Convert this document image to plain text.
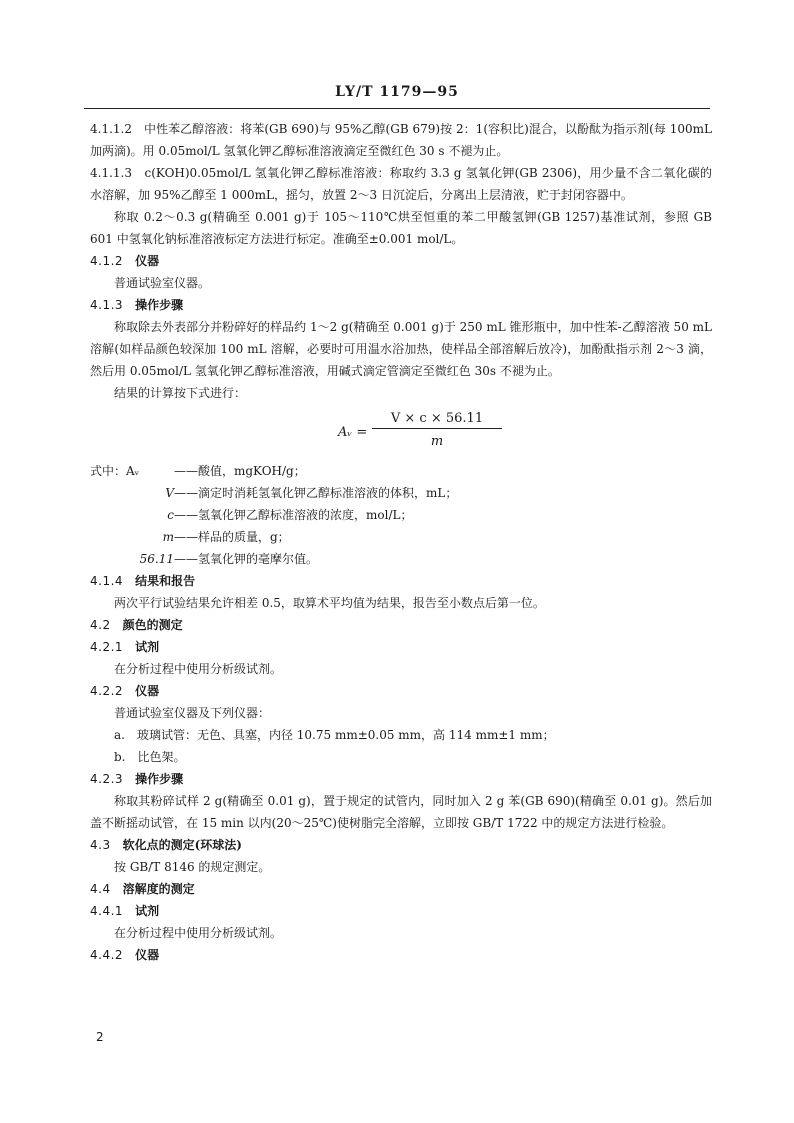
LY/T 1179—95

4.1.1.2　中性苯乙醇溶液：将苯(GB 690)与 95%乙醇(GB 679)按 2：1(容积比)混合，以酚酞为指示剂(每 100mL 加两滴)。用 0.05mol/L 氢氧化钾乙醇标准溶液滴定至微红色 30 s 不褪为止。

4.1.1.3　c(KOH)0.05mol/L 氢氧化钾乙醇标准溶液：称取约 3.3 g 氢氧化钾(GB 2306)，用少量不含二氧化碳的水溶解，加 95%乙醇至 1 000mL，摇匀，放置 2～3 日沉淀后，分离出上层清液，贮于封闭容器中。

称取 0.2～0.3 g(精确至 0.001 g)于 105～110℃烘至恒重的苯二甲酸氢钾(GB 1257)基准试剂，参照 GB 601 中氢氧化钠标准溶液标定方法进行标定。准确至±0.001 mol/L。

4.1.2　 仪器

普通试验室仪器。

4.1.3　 操作步骤

称取除去外表部分并粉碎好的样品约 1～2 g(精确至 0.001 g)于 250 mL 锥形瓶中，加中性苯-乙醇溶液 50 mL 溶解(如样品颜色较深加 100 mL 溶解，必要时可用温水浴加热，使样品全部溶解后放冷)，加酚酞指示剂 2～3 滴，然后用 0.05mol/L 氢氧化钾乙醇标准溶液，用碱式滴定管滴定至微红色 30s 不褪为止。

结果的计算按下式进行：

Aᵥ =
V × c × 56.11
m
式中：Aᵥ	——酸值，mgKOH/g；
V ——滴定时消耗氢氧化钾乙醇标准溶液的体积，mL；
c ——氢氧化钾乙醇标准溶液的浓度，mol/L；
m ——样品的质量，g；
56.11 ——氢氧化钾的毫摩尔值。

4.1.4　 结果和报告

两次平行试验结果允许相差 0.5，取算术平均值为结果，报告至小数点后第一位。

4.2　 颜色的测定

4.2.1　 试剂

在分析过程中使用分析级试剂。

4.2.2　 仪器

普通试验室仪器及下列仪器：

a.　玻璃试管：无色、具塞，内径 10.75 mm±0.05 mm，高 114 mm±1 mm；

b.　比色架。

4.2.3　 操作步骤

称取其粉碎试样 2 g(精确至 0.01 g)，置于规定的试管内，同时加入 2 g 苯(GB 690)(精确至 0.01 g)。然后加盖不断摇动试管，在 15 min 以内(20～25℃)使树脂完全溶解，立即按 GB/T 1722 中的规定方法进行检验。

4.3　 软化点的测定(环球法)

按 GB/T 8146 的规定测定。

4.4　 溶解度的测定

4.4.1　 试剂

在分析过程中使用分析级试剂。

4.4.2　 仪器

2
